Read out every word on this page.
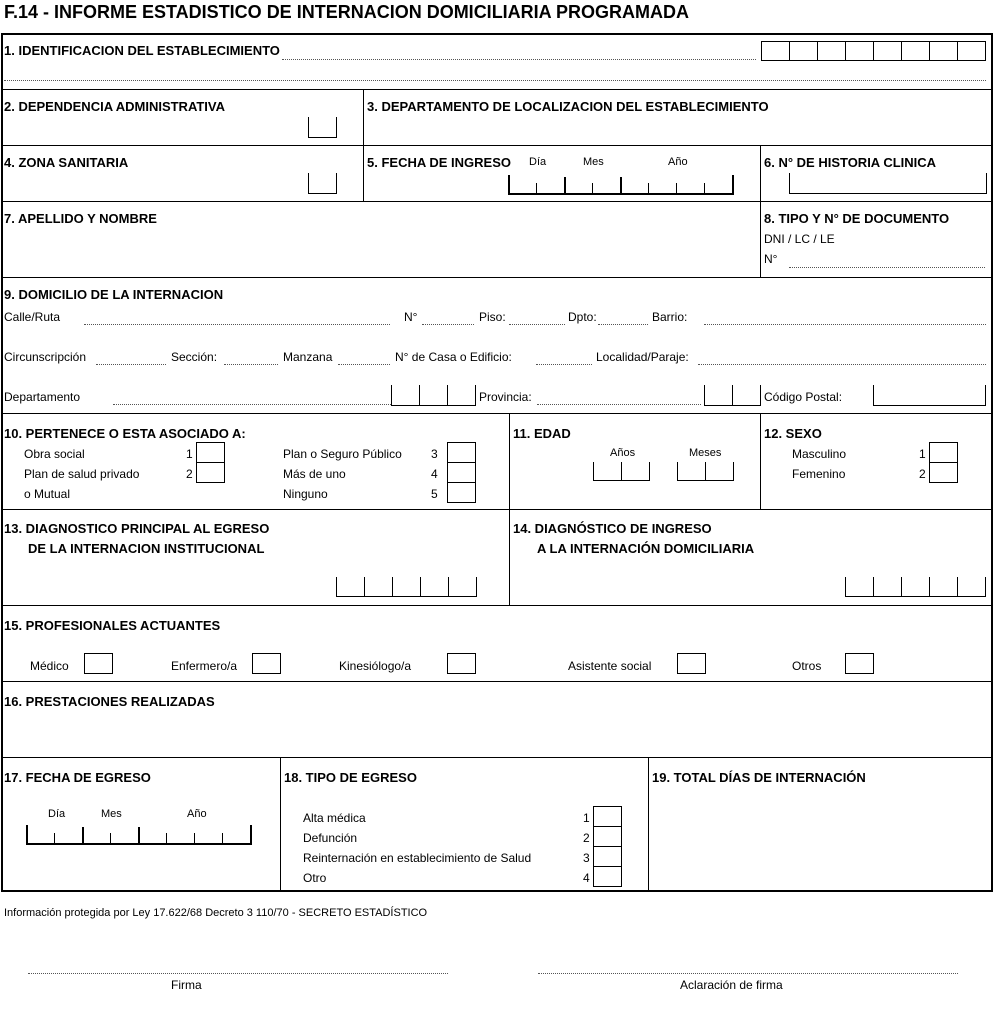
F.14 - INFORME ESTADISTICO DE INTERNACION DOMICILIARIA PROGRAMADA
1. IDENTIFICACION DEL ESTABLECIMIENTO
2. DEPENDENCIA ADMINISTRATIVA	3. DEPARTAMENTO DE LOCALIZACION DEL ESTABLECIMIENTO
4. ZONA SANITARIA	5. FECHA DE INGRESO Día	Mes	Año	6. N° DE HISTORIA CLINICA
7. APELLIDO Y NOMBRE	8. TIPO Y N° DE DOCUMENTO
DNI / LC / LE
N°
9. DOMICILIO DE LA INTERNACION
Calle/Ruta	N°	Piso:	Dpto:	Barrio:
Circunscripción	Sección:	Manzana	N° de Casa o Edificio:	Localidad/Paraje:
Departamento	Provincia:	Código Postal:
10. PERTENECE O ESTA ASOCIADO A:	11. EDAD
Años	Meses
12. SEXO
13. DIAGNOSTICO PRINCIPAL AL EGRESO
DE LA INTERNACION INSTITUCIONAL
14. DIAGNÓSTICO DE INGRESO
A LA INTERNACIÓN DOMICILIARIA
15. PROFESIONALES ACTUANTES
16. PRESTACIONES REALIZADAS
17. FECHA DE EGRESO
Día	Mes	Año
18. TIPO DE EGRESO	19. TOTAL DÍAS DE INTERNACIÓN
Información protegida por Ley 17.622/68 Decreto 3 110/70 - SECRETO ESTADÍSTICO
Firma	Aclaración de firma
Obra social	1
Plan de salud privado	2
o Mutual
Plan o Seguro Público 3
Más de uno	4
Ninguno	5
Masculino	1
Femenino	2
Médico	Enfermero/a	Kinesiólogo/a	Asistente social	Otros
Alta médica	1
Defunción	2
Reinternación en establecimiento de Salud	3
Otro	4
